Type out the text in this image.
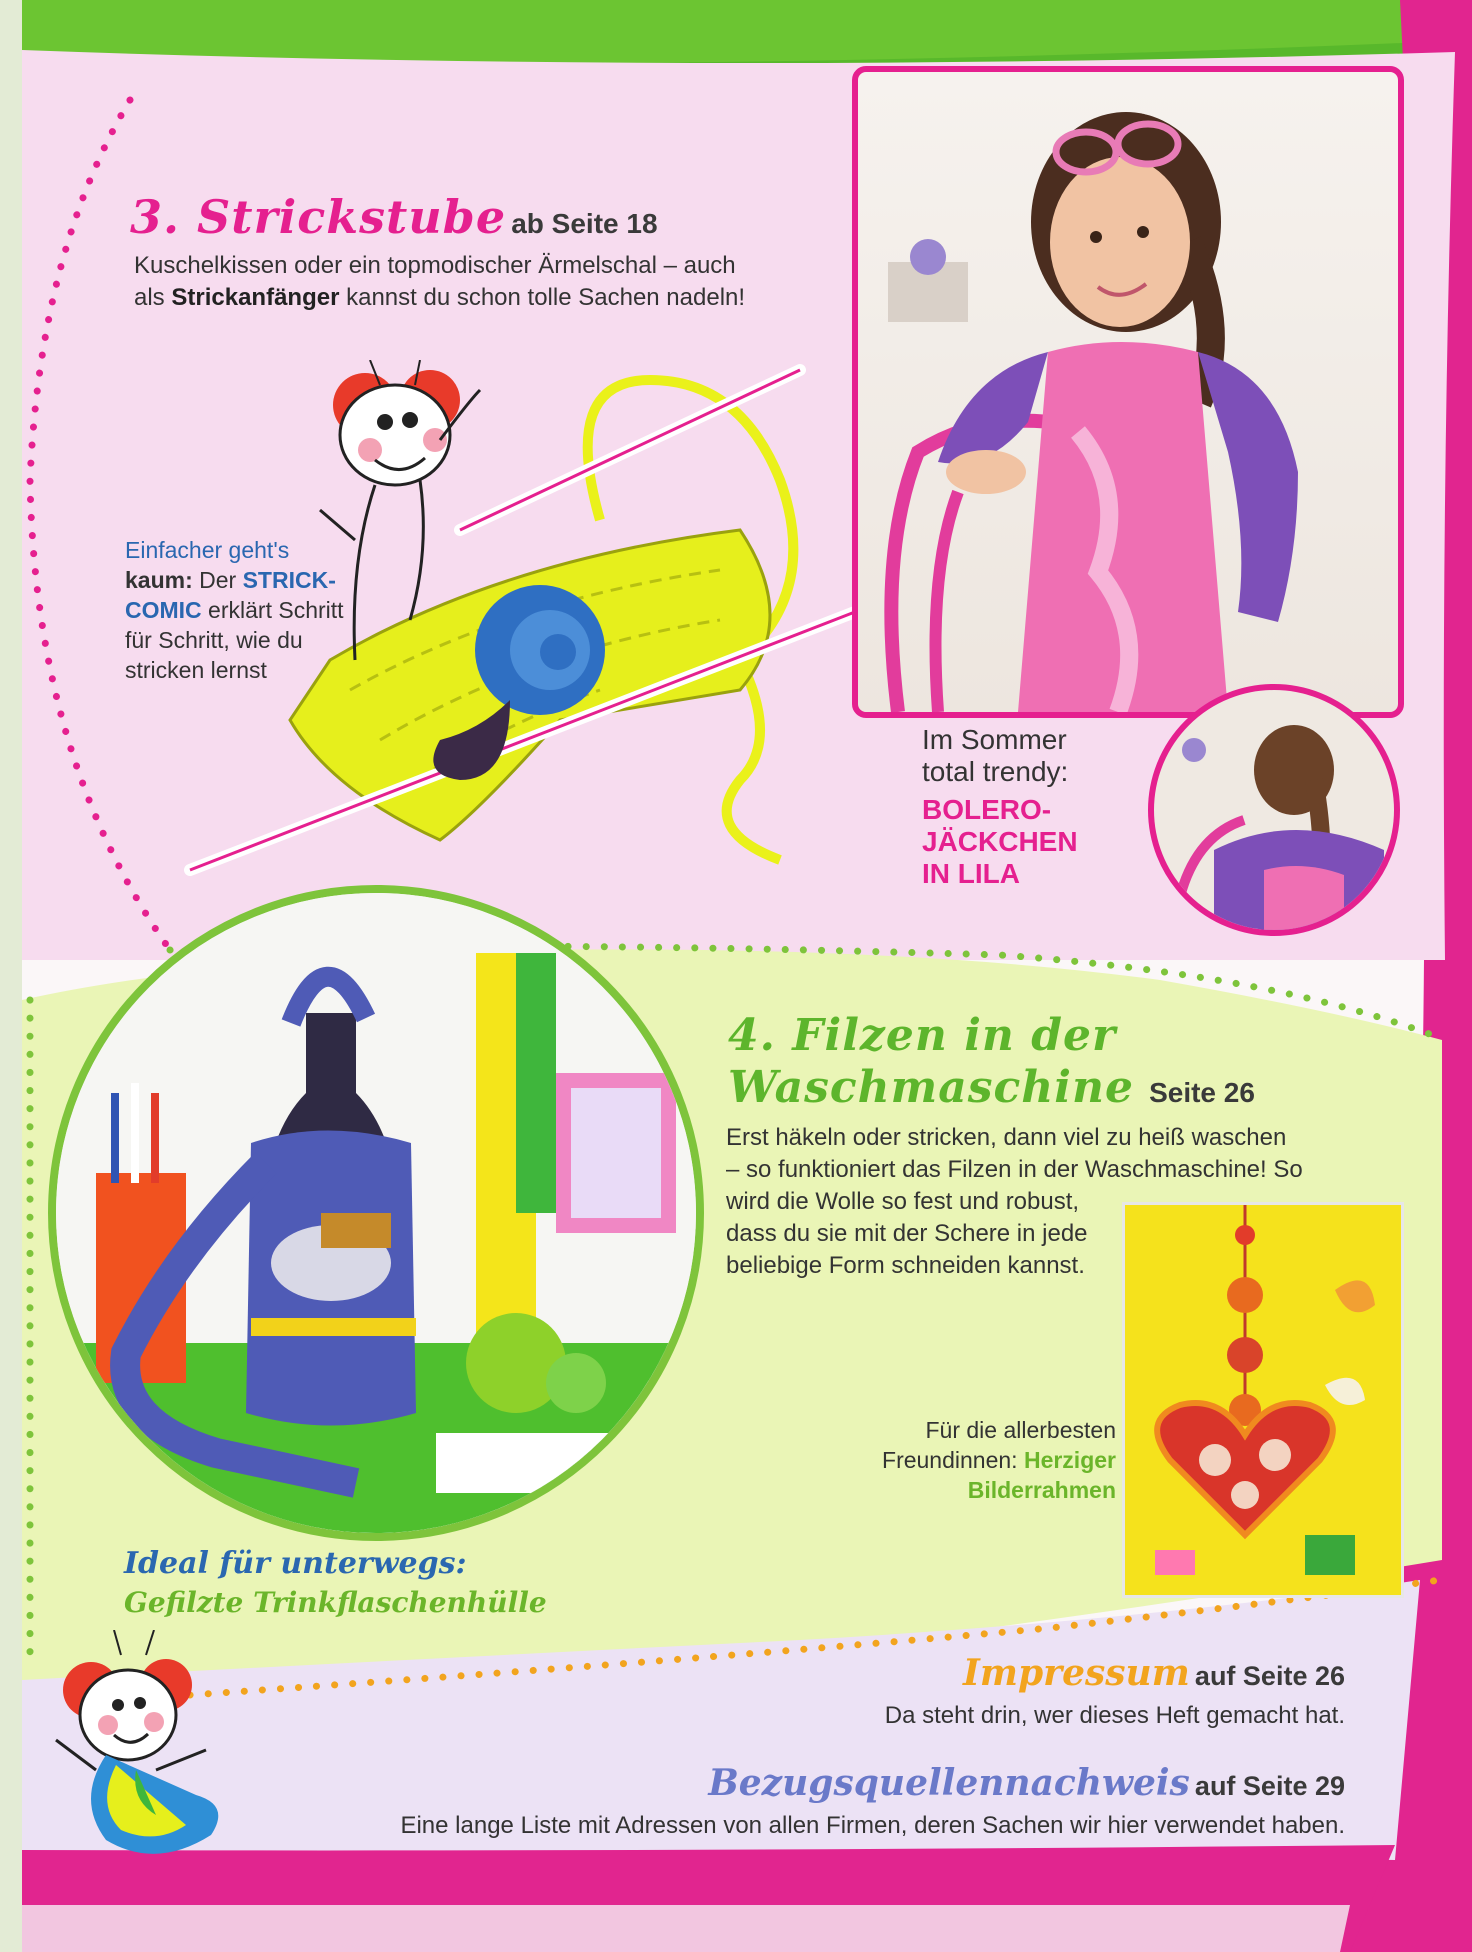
3. Strickstube ab Seite 18
Kuschelkissen oder ein topmodischer Ärmelschal – auch
als Strickanfänger kannst du schon tolle Sachen nadeln!
Einfacher geht's
kaum: Der STRICK-
COMIC erklärt Schritt
für Schritt, wie du
stricken lernst
Im Sommer
total trendy:
BOLERO-
JÄCKCHEN
IN LILA
4. Filzen in der
Waschmaschine Seite 26
Erst häkeln oder stricken, dann viel zu heiß waschen
– so funktioniert das Filzen in der Waschmaschine! So
wird die Wolle so fest und robust,
dass du sie mit der Schere in jede
beliebige Form schneiden kannst.
Für die allerbesten
Freundinnen: Herziger
Bilderrahmen
Ideal für unterwegs:
Gefilzte Trinkflaschenhülle
Impressum auf Seite 26
Da steht drin, wer dieses Heft gemacht hat.
Bezugsquellennachweis auf Seite 29
Eine lange Liste mit Adressen von allen Firmen, deren Sachen wir hier verwendet haben.
